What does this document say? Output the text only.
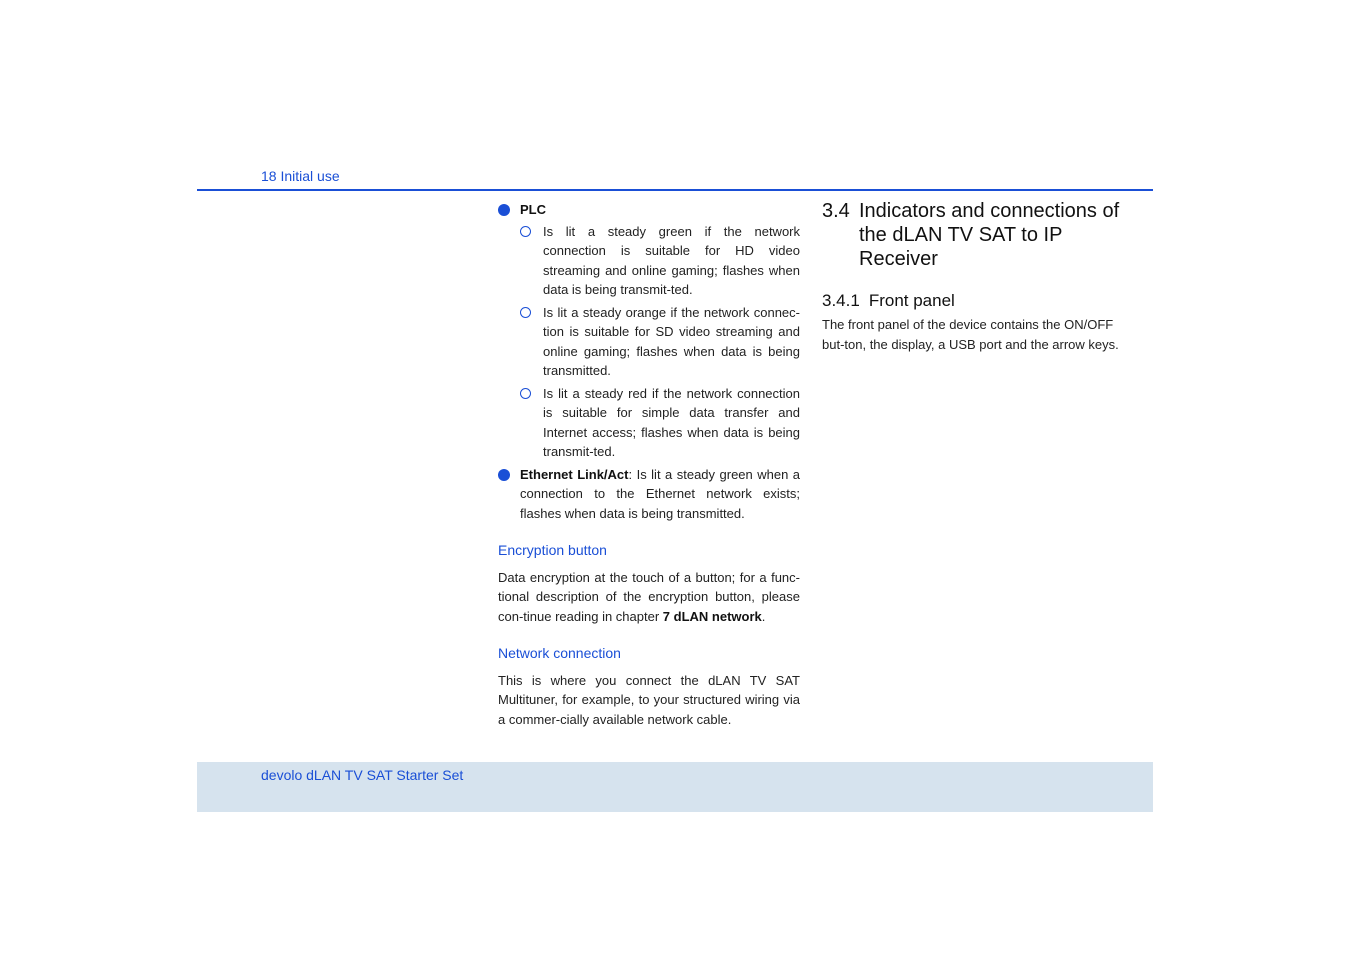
18 Initial use
PLC
Is lit a steady green if the network connection is suitable for HD video streaming and online gaming; flashes when data is being transmit-ted.
Is lit a steady orange if the network connec-tion is suitable for SD video streaming and online gaming; flashes when data is being transmitted.
Is lit a steady red if the network connection is suitable for simple data transfer and Internet access; flashes when data is being transmit-ted.
Ethernet Link/Act: Is lit a steady green when a connection to the Ethernet network exists; flashes when data is being transmitted.
Encryption button

Data encryption at the touch of a button; for a func-tional description of the encryption button, please con-tinue reading in chapter 7 dLAN network.

Network connection

This is where you connect the dLAN TV SAT Multituner, for example, to your structured wiring via a commer-cially available network cable.

3.4 Indicators and connections of the dLAN TV SAT to IP Receiver
3.4.1 Front panel

The front panel of the device contains the ON/OFF but-ton, the display, a USB port and the arrow keys.

devolo dLAN TV SAT Starter Set
